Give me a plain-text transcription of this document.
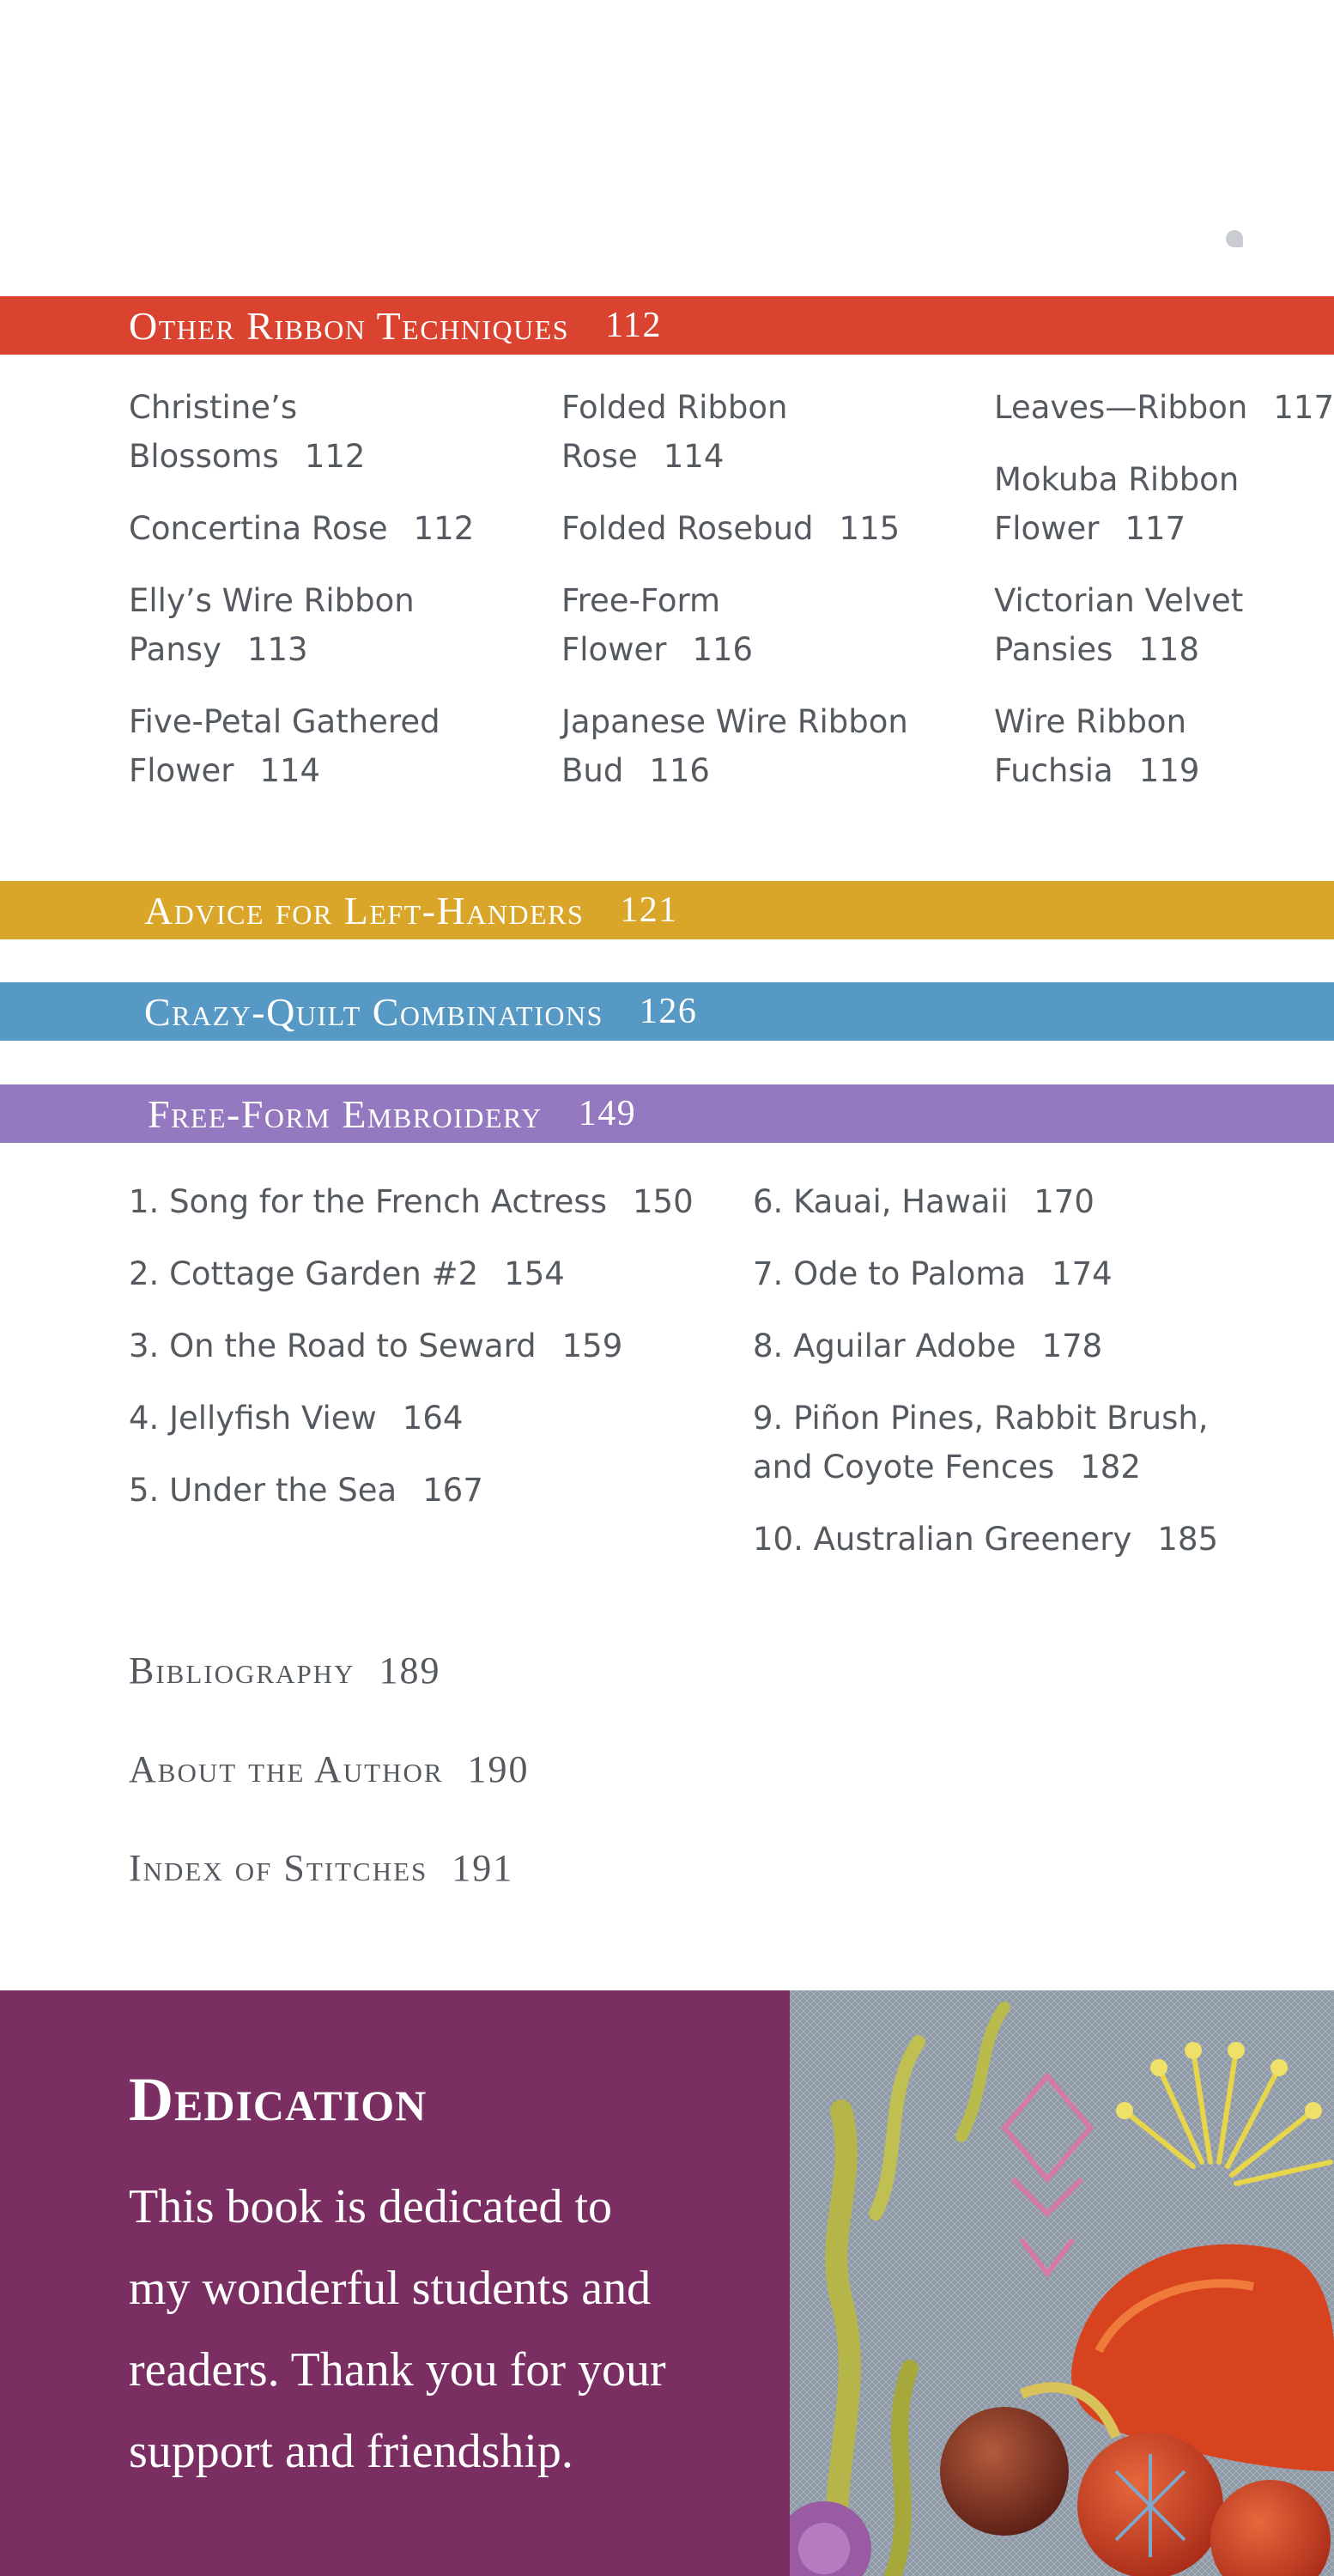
Other Ribbon Techniques 112
Christine’s
Blossoms 112
Concertina Rose 112
Elly’s Wire Ribbon
Pansy 113
Five-Petal Gathered
Flower 114
Folded Ribbon
Rose 114
Folded Rosebud 115
Free-Form
Flower 116
Japanese Wire Ribbon
Bud 116
Leaves—Ribbon 117
Mokuba Ribbon
Flower 117
Victorian Velvet
Pansies 118
Wire Ribbon
Fuchsia 119
Advice for Left-Handers 121
Crazy-Quilt Combinations 126
Free-Form Embroidery 149
1. Song for the French Actress 150
2. Cottage Garden #2 154
3. On the Road to Seward 159
4. Jellyfish View 164
5. Under the Sea 167
6. Kauai, Hawaii 170
7. Ode to Paloma 174
8. Aguilar Adobe 178
9. Piñon Pines, Rabbit Brush,
and Coyote Fences 182
10. Australian Greenery 185
Bibliography 189
About the Author 190
Index of Stitches 191
Dedication
This book is dedicated to
my wonderful students and
readers. Thank you for your
support and friendship.
